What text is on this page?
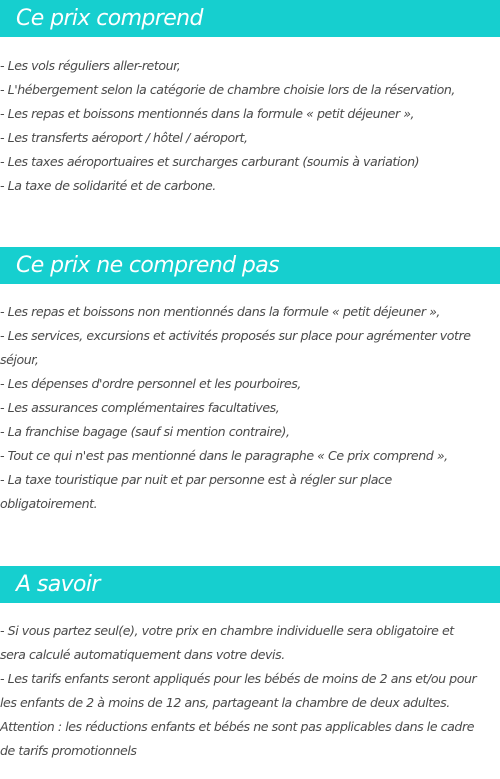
Ce prix comprend
- Les vols réguliers aller-retour,
- L'hébergement selon la catégorie de chambre choisie lors de la réservation,
- Les repas et boissons mentionnés dans la formule « petit déjeuner »,
- Les transferts aéroport / hôtel / aéroport,
- Les taxes aéroportuaires et surcharges carburant (soumis à variation)
- La taxe de solidarité et de carbone.
Ce prix ne comprend pas
- Les repas et boissons non mentionnés dans la formule « petit déjeuner »,
- Les services, excursions et activités proposés sur place pour agrémenter votre
séjour,
- Les dépenses d'ordre personnel et les pourboires,
- Les assurances complémentaires facultatives,
- La franchise bagage (sauf si mention contraire),
- Tout ce qui n'est pas mentionné dans le paragraphe « Ce prix comprend »,
- La taxe touristique par nuit et par personne est à régler sur place
obligatoirement.
A savoir
- Si vous partez seul(e), votre prix en chambre individuelle sera obligatoire et
sera calculé automatiquement dans votre devis.
- Les tarifs enfants seront appliqués pour les bébés de moins de 2 ans et/ou pour
les enfants de 2 à moins de 12 ans, partageant la chambre de deux adultes.
Attention : les réductions enfants et bébés ne sont pas applicables dans le cadre
de tarifs promotionnels
